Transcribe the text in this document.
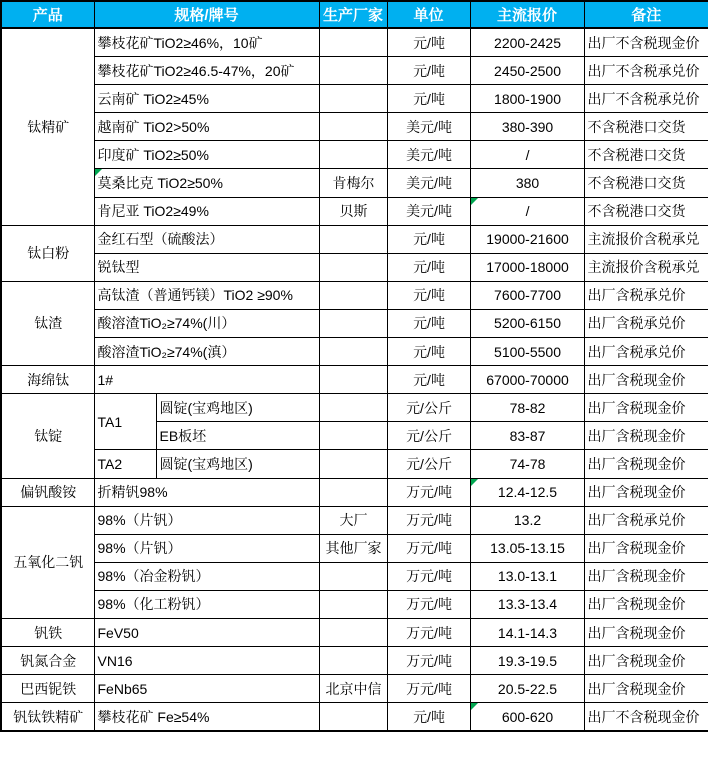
产品	规格/牌号		生产厂家	单位	主流报价	备注
钛精矿	攀枝花矿TiO2≥46%，10矿			元/吨	2200-2425	出厂不含税现金价
	攀枝花矿TiO2≥46.5-47%，20矿			元/吨	2450-2500	出厂不含税承兑价
	云南矿 TiO2≥45%			元/吨	1800-1900	出厂不含税承兑价
	越南矿 TiO2>50%			美元/吨	380-390	不含税港口交货
	印度矿 TiO2≥50%			美元/吨	/	不含税港口交货
	莫桑比克 TiO2≥50%		肯梅尔	美元/吨	380	不含税港口交货
	肯尼亚 TiO2≥49%		贝斯	美元/吨	/	不含税港口交货
钛白粉	金红石型（硫酸法）			元/吨	19000-21600	主流报价含税承兑
	锐钛型			元/吨	17000-18000	主流报价含税承兑
钛渣	高钛渣（普通钙镁）TiO2 ≥90%			元/吨	7600-7700	出厂含税承兑价
	酸溶渣TiO₂≥74%(川）			元/吨	5200-6150	出厂含税承兑价
	酸溶渣TiO₂≥74%(滇）			元/吨	5100-5500	出厂含税承兑价
海绵钛	1#			元/吨	67000-70000	出厂含税现金价
钛锭	TA1	圆锭(宝鸡地区)		元/公斤	78-82	出厂含税现金价
		EB板坯		元/公斤	83-87	出厂含税现金价
	TA2	圆锭(宝鸡地区)		元/公斤	74-78	出厂含税现金价
偏钒酸铵	折精钒98%			万元/吨	12.4-12.5	出厂含税现金价
五氧化二钒	98%（片钒）		大厂	万元/吨	13.2	出厂含税承兑价
	98%（片钒）		其他厂家	万元/吨	13.05-13.15	出厂含税现金价
	98%（冶金粉钒）			万元/吨	13.0-13.1	出厂含税现金价
	98%（化工粉钒）			万元/吨	13.3-13.4	出厂含税现金价
钒铁	FeV50			万元/吨	14.1-14.3	出厂含税现金价
钒氮合金	VN16			万元/吨	19.3-19.5	出厂含税现金价
巴西铌铁	FeNb65		北京中信	万元/吨	20.5-22.5	出厂含税现金价
钒钛铁精矿	攀枝花矿 Fe≥54%			元/吨	600-620	出厂不含税现金价
